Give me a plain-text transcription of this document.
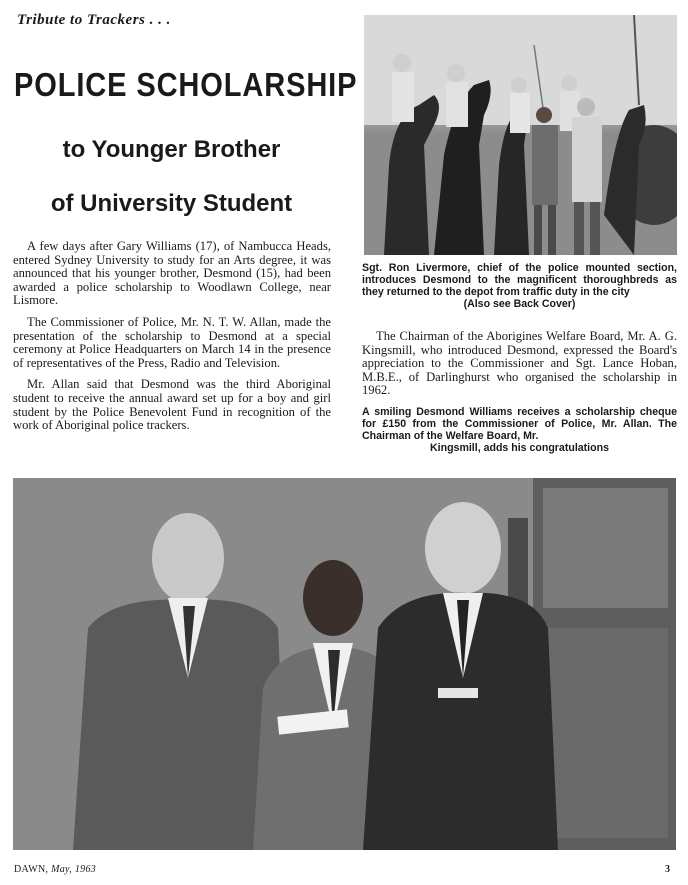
Tribute to Trackers . . .
POLICE SCHOLARSHIP
to Younger Brother
of University Student

A few days after Gary Williams (17), of Nambucca Heads, entered Sydney University to study for an Arts degree, it was announced that his younger brother, Desmond (15), had been awarded a police scholarship to Woodlawn College, near Lismore.

The Commissioner of Police, Mr. N. T. W. Allan, made the presentation of the scholarship to Desmond at a special ceremony at Police Headquarters on March 14 in the presence of representatives of the Press, Radio and Television.

Mr. Allan said that Desmond was the third Aboriginal student to receive the annual award set up for a boy and girl student by the Police Benevolent Fund in recognition of the work of Aboriginal police trackers.

Sgt. Ron Livermore, chief of the police mounted section, introduces Desmond to the magnificent thoroughbreds as they returned to the depot from traffic duty in the city
(Also see Back Cover)

The Chairman of the Aborigines Welfare Board, Mr. A. G. Kingsmill, who introduced Desmond, expressed the Board's appreciation to the Commissioner and Sgt. Lance Hoban, M.B.E., of Darlinghurst who organised the scholarship in 1962.

A smiling Desmond Williams receives a scholarship cheque for £150 from the Commissioner of Police, Mr. Allan. The Chairman of the Welfare Board, Mr.
Kingsmill, adds his congratulations
DAWN, May, 1963	3
